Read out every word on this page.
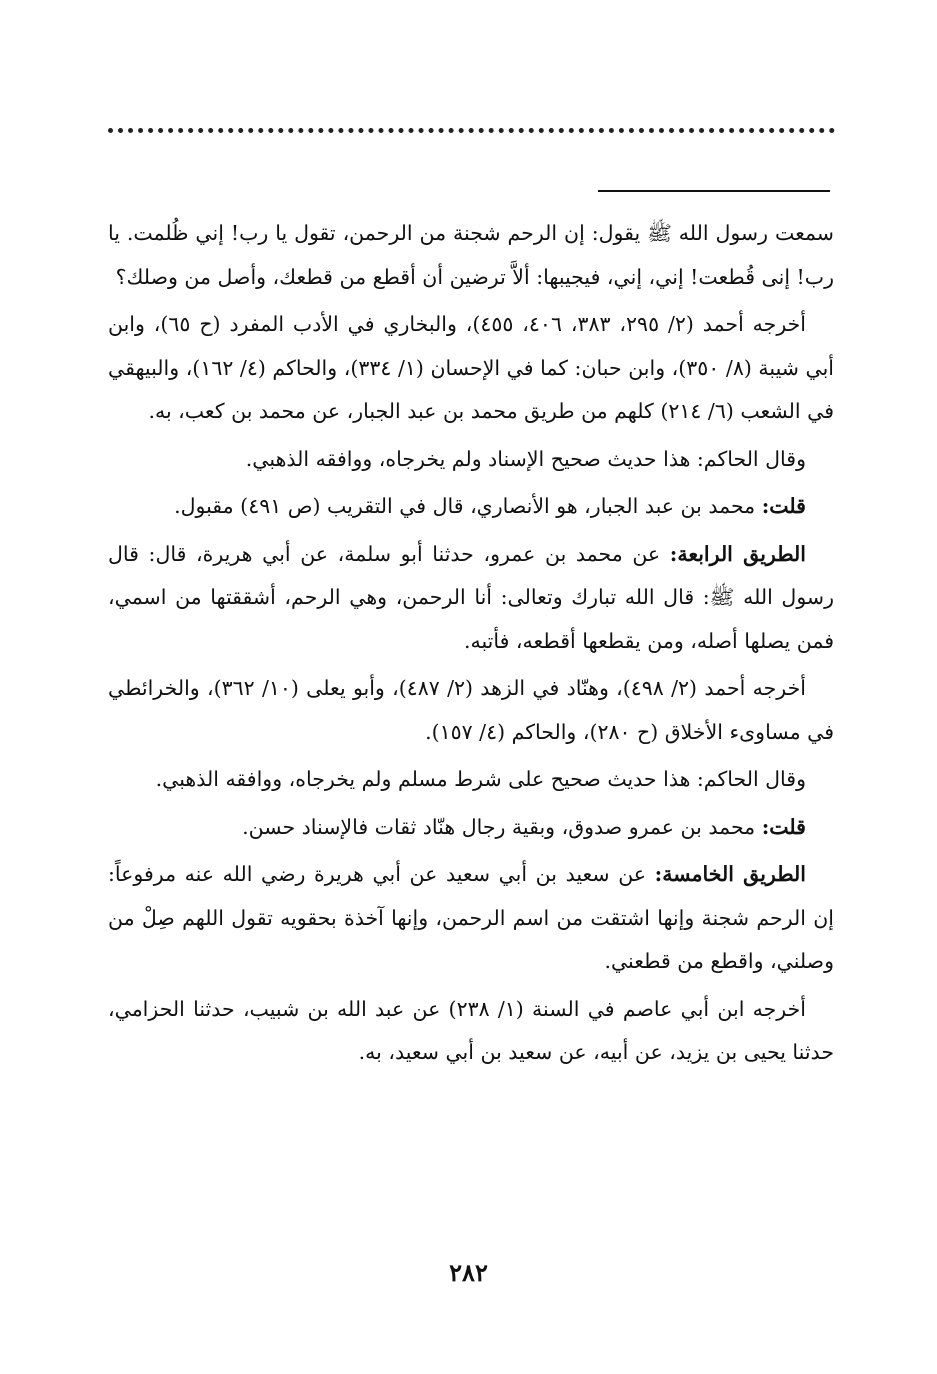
سمعت رسول الله ﷺ يقول: إن الرحم شجنة من الرحمن، تقول يا رب! إني ظُلمت. يا رب! إنى قُطعت! إني، إني، فيجيبها: ألاَّ ترضين أن أقطع من قطعك، وأصل من وصلك؟

أخرجه أحمد (٢/ ٢٩٥، ٣٨٣، ٤٠٦، ٤٥٥)، والبخاري في الأدب المفرد (ح ٦٥)، وابن أبي شيبة (٨/ ٣٥٠)، وابن حبان: كما في الإحسان (١/ ٣٣٤)، والحاكم (٤/ ١٦٢)، والبيهقي في الشعب (٦/ ٢١٤) كلهم من طريق محمد بن عبد الجبار، عن محمد بن كعب، به.

وقال الحاكم: هذا حديث صحيح الإسناد ولم يخرجاه، ووافقه الذهبي.

قلت: محمد بن عبد الجبار، هو الأنصاري، قال في التقريب (ص ٤٩١) مقبول.

الطريق الرابعة: عن محمد بن عمرو، حدثنا أبو سلمة، عن أبي هريرة، قال: قال رسول الله ﷺ: قال الله تبارك وتعالى: أنا الرحمن، وهي الرحم، أشققتها من اسمي، فمن يصلها أصله، ومن يقطعها أقطعه، فأتبه.

أخرجه أحمد (٢/ ٤٩٨)، وهنّاد في الزهد (٢/ ٤٨٧)، وأبو يعلى (١٠/ ٣٦٢)، والخرائطي في مساوىء الأخلاق (ح ٢٨٠)، والحاكم (٤/ ١٥٧).

وقال الحاكم: هذا حديث صحيح على شرط مسلم ولم يخرجاه، ووافقه الذهبي.

قلت: محمد بن عمرو صدوق، وبقية رجال هنّاد ثقات فالإسناد حسن.

الطريق الخامسة: عن سعيد بن أبي سعيد عن أبي هريرة رضي الله عنه مرفوعاً: إن الرحم شجنة وإنها اشتقت من اسم الرحمن، وإنها آخذة بحقويه تقول اللهم صِلْ من وصلني، واقطع من قطعني.

أخرجه ابن أبي عاصم في السنة (١/ ٢٣٨) عن عبد الله بن شبيب، حدثنا الحزامي، حدثنا يحيى بن يزيد، عن أبيه، عن سعيد بن أبي سعيد، به.

٢٨٢
